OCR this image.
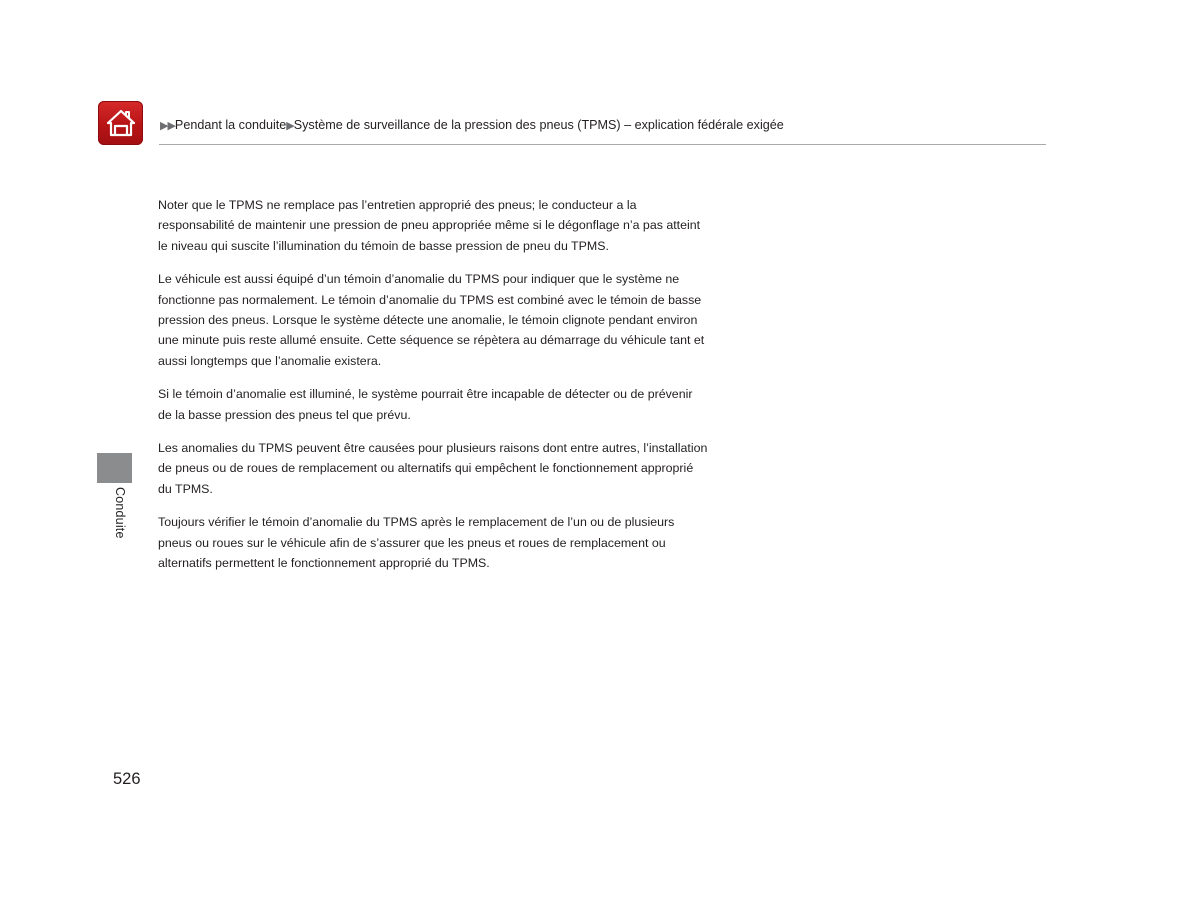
▶▶Pendant la conduite▶Système de surveillance de la pression des pneus (TPMS) – explication fédérale exigée

Noter que le TPMS ne remplace pas l’entretien approprié des pneus; le conducteur a la responsabilité de maintenir une pression de pneu appropriée même si le dégonflage n’a pas atteint le niveau qui suscite l’illumination du témoin de basse pression de pneu du TPMS.

Le véhicule est aussi équipé d’un témoin d’anomalie du TPMS pour indiquer que le système ne fonctionne pas normalement. Le témoin d’anomalie du TPMS est combiné avec le témoin de basse pression des pneus. Lorsque le système détecte une anomalie, le témoin clignote pendant environ une minute puis reste allumé ensuite. Cette séquence se répètera au démarrage du véhicule tant et aussi longtemps que l’anomalie existera.

Si le témoin d’anomalie est illuminé, le système pourrait être incapable de détecter ou de prévenir de la basse pression des pneus tel que prévu.

Les anomalies du TPMS peuvent être causées pour plusieurs raisons dont entre autres, l’installation de pneus ou de roues de remplacement ou alternatifs qui empêchent le fonctionnement approprié du TPMS.

Toujours vérifier le témoin d’anomalie du TPMS après le remplacement de l’un ou de plusieurs pneus ou roues sur le véhicule afin de s’assurer que les pneus et roues de remplacement ou alternatifs permettent le fonctionnement approprié du TPMS.

Conduite
526
